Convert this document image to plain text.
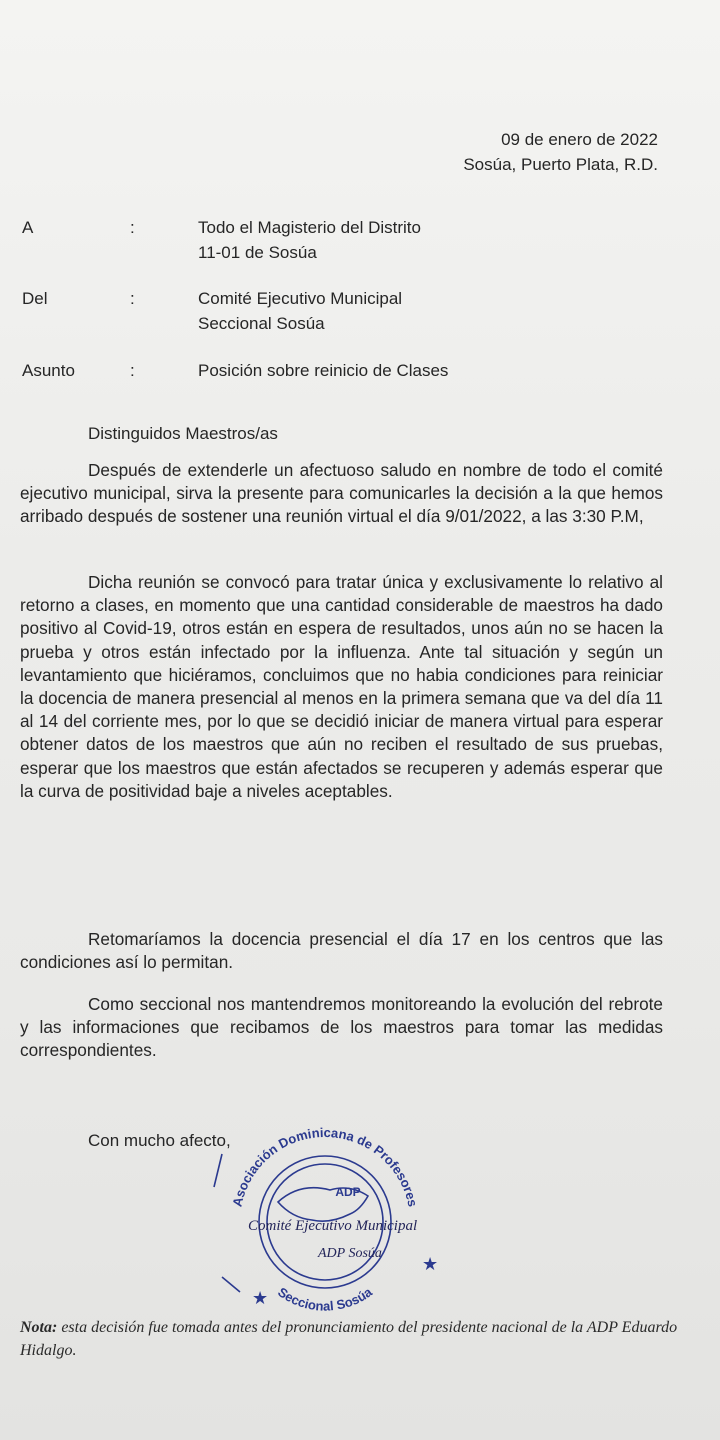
09 de enero de 2022
Sosúa, Puerto Plata, R.D.
A	:	Todo el Magisterio del Distrito
11-01 de Sosúa
Del	:	Comité Ejecutivo Municipal
Seccional Sosúa
Asunto	:	Posición sobre reinicio de Clases
Distinguidos Maestros/as

Después de extenderle un afectuoso saludo en nombre de todo el comité ejecutivo municipal, sirva la presente para comunicarles la decisión a la que hemos arribado después de sostener una reunión virtual el día 9/01/2022, a las 3:30 P.M,

Dicha reunión se convocó para tratar única y exclusivamente lo relativo al retorno a clases, en momento que una cantidad considerable de maestros ha dado positivo al Covid-19, otros están en espera de resultados, unos aún no se hacen la prueba y otros están infectado por la influenza. Ante tal situación y según un levantamiento que hiciéramos, concluimos que no habia condiciones para reiniciar la docencia de manera presencial al menos en la primera semana que va del día 11 al 14 del corriente mes, por lo que se decidió iniciar de manera virtual para esperar obtener datos de los maestros que aún no reciben el resultado de sus pruebas, esperar que los maestros que están afectados se recuperen y además esperar que la curva de positividad baje a niveles aceptables.

Retomaríamos la docencia presencial el día 17 en los centros que las condiciones así lo permitan.

Como seccional nos mantendremos monitoreando la evolución del rebrote y las informaciones que recibamos de los maestros para tomar las medidas correspondientes.

Con mucho afecto,
Asociación Dominicana de Profesores
Seccional Sosúa
ADP
★
★
Comité Ejecutivo Municipal
ADP Sosúa
Nota: esta decisión fue tomada antes del pronunciamiento del presidente nacional de la ADP Eduardo Hidalgo.
